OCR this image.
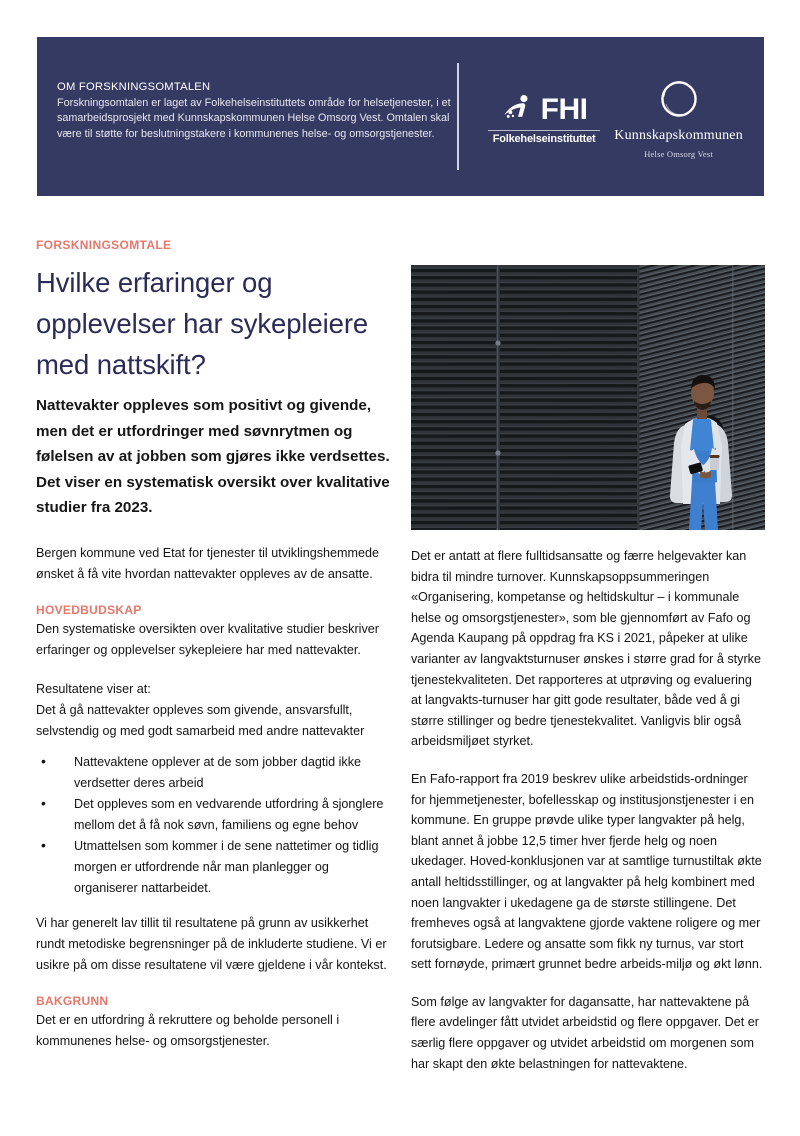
OM FORSKNINGSOMTALEN

Forskningsomtalen er laget av Folkehelseinstituttets område for helsetjenester, i et samarbeidsprosjekt med Kunnskapskommunen Helse Omsorg Vest. Omtalen skal være til støtte for beslutningstakere i kommunenes helse- og omsorgstjenester.

FHI
Folkehelseinstituttet Kunnskapskommunen
Helse Omsorg Vest

FORSKNINGSOMTALE

Hvilke erfaringer og opplevelser har sykepleiere med nattskift?

Nattevakter oppleves som positivt og givende, men det er utfordringer med søvnrytmen og følelsen av at jobben som gjøres ikke verdsettes. Det viser en systematisk oversikt over kvalitative studier fra 2023.

Bergen kommune ved Etat for tjenester til utviklingshemmede ønsket å få vite hvordan nattevakter oppleves av de ansatte.

HOVEDBUDSKAP

Den systematiske oversikten over kvalitative studier beskriver erfaringer og opplevelser sykepleiere har med nattevakter.

Resultatene viser at:

Det å gå nattevakter oppleves som givende, ansvarsfullt, selvstendig og med godt samarbeid med andre nattevakter

• Nattevaktene opplever at de som jobber dagtid ikke verdsetter deres arbeid
• Det oppleves som en vedvarende utfordring å sjonglere mellom det å få nok søvn, familiens og egne behov
• Utmattelsen som kommer i de sene nattetimer og tidlig morgen er utfordrende når man planlegger og organiserer nattarbeidet.

Vi har generelt lav tillit til resultatene på grunn av usikkerhet rundt metodiske begrensninger på de inkluderte studiene. Vi er usikre på om disse resultatene vil være gjeldene i vår kontekst.

BAKGRUNN

Det er en utfordring å rekruttere og beholde personell i kommunenes helse- og omsorgstjenester.

Det er antatt at flere fulltidsansatte og færre helgevakter kan bidra til mindre turnover. Kunnskapsoppsummeringen «Organisering, kompetanse og heltidskultur – i kommunale helse og omsorgstjenester», som ble gjennomført av Fafo og Agenda Kaupang på oppdrag fra KS i 2021, påpeker at ulike varianter av langvaktsturnuser ønskes i større grad for å styrke tjenestekvaliteten. Det rapporteres at utprøving og evaluering at langvakts-turnuser har gitt gode resultater, både ved å gi større stillinger og bedre tjenestekvalitet. Vanligvis blir også arbeidsmiljøet styrket.

En Fafo-rapport fra 2019 beskrev ulike arbeidstids-ordninger for hjemmetjenester, bofellesskap og institusjonstjenester i en kommune. En gruppe prøvde ulike typer langvakter på helg, blant annet å jobbe 12,5 timer hver fjerde helg og noen ukedager. Hoved-konklusjonen var at samtlige turnustiltak økte antall heltidsstillinger, og at langvakter på helg kombinert med noen langvakter i ukedagene ga de største stillingene. Det fremheves også at langvaktene gjorde vaktene roligere og mer forutsigbare. Ledere og ansatte som fikk ny turnus, var stort sett fornøyde, primært grunnet bedre arbeids-miljø og økt lønn.

Som følge av langvakter for dagansatte, har nattevaktene på flere avdelinger fått utvidet arbeidstid og flere oppgaver. Det er særlig flere oppgaver og utvidet arbeidstid om morgenen som har skapt den økte belastningen for nattevaktene.
